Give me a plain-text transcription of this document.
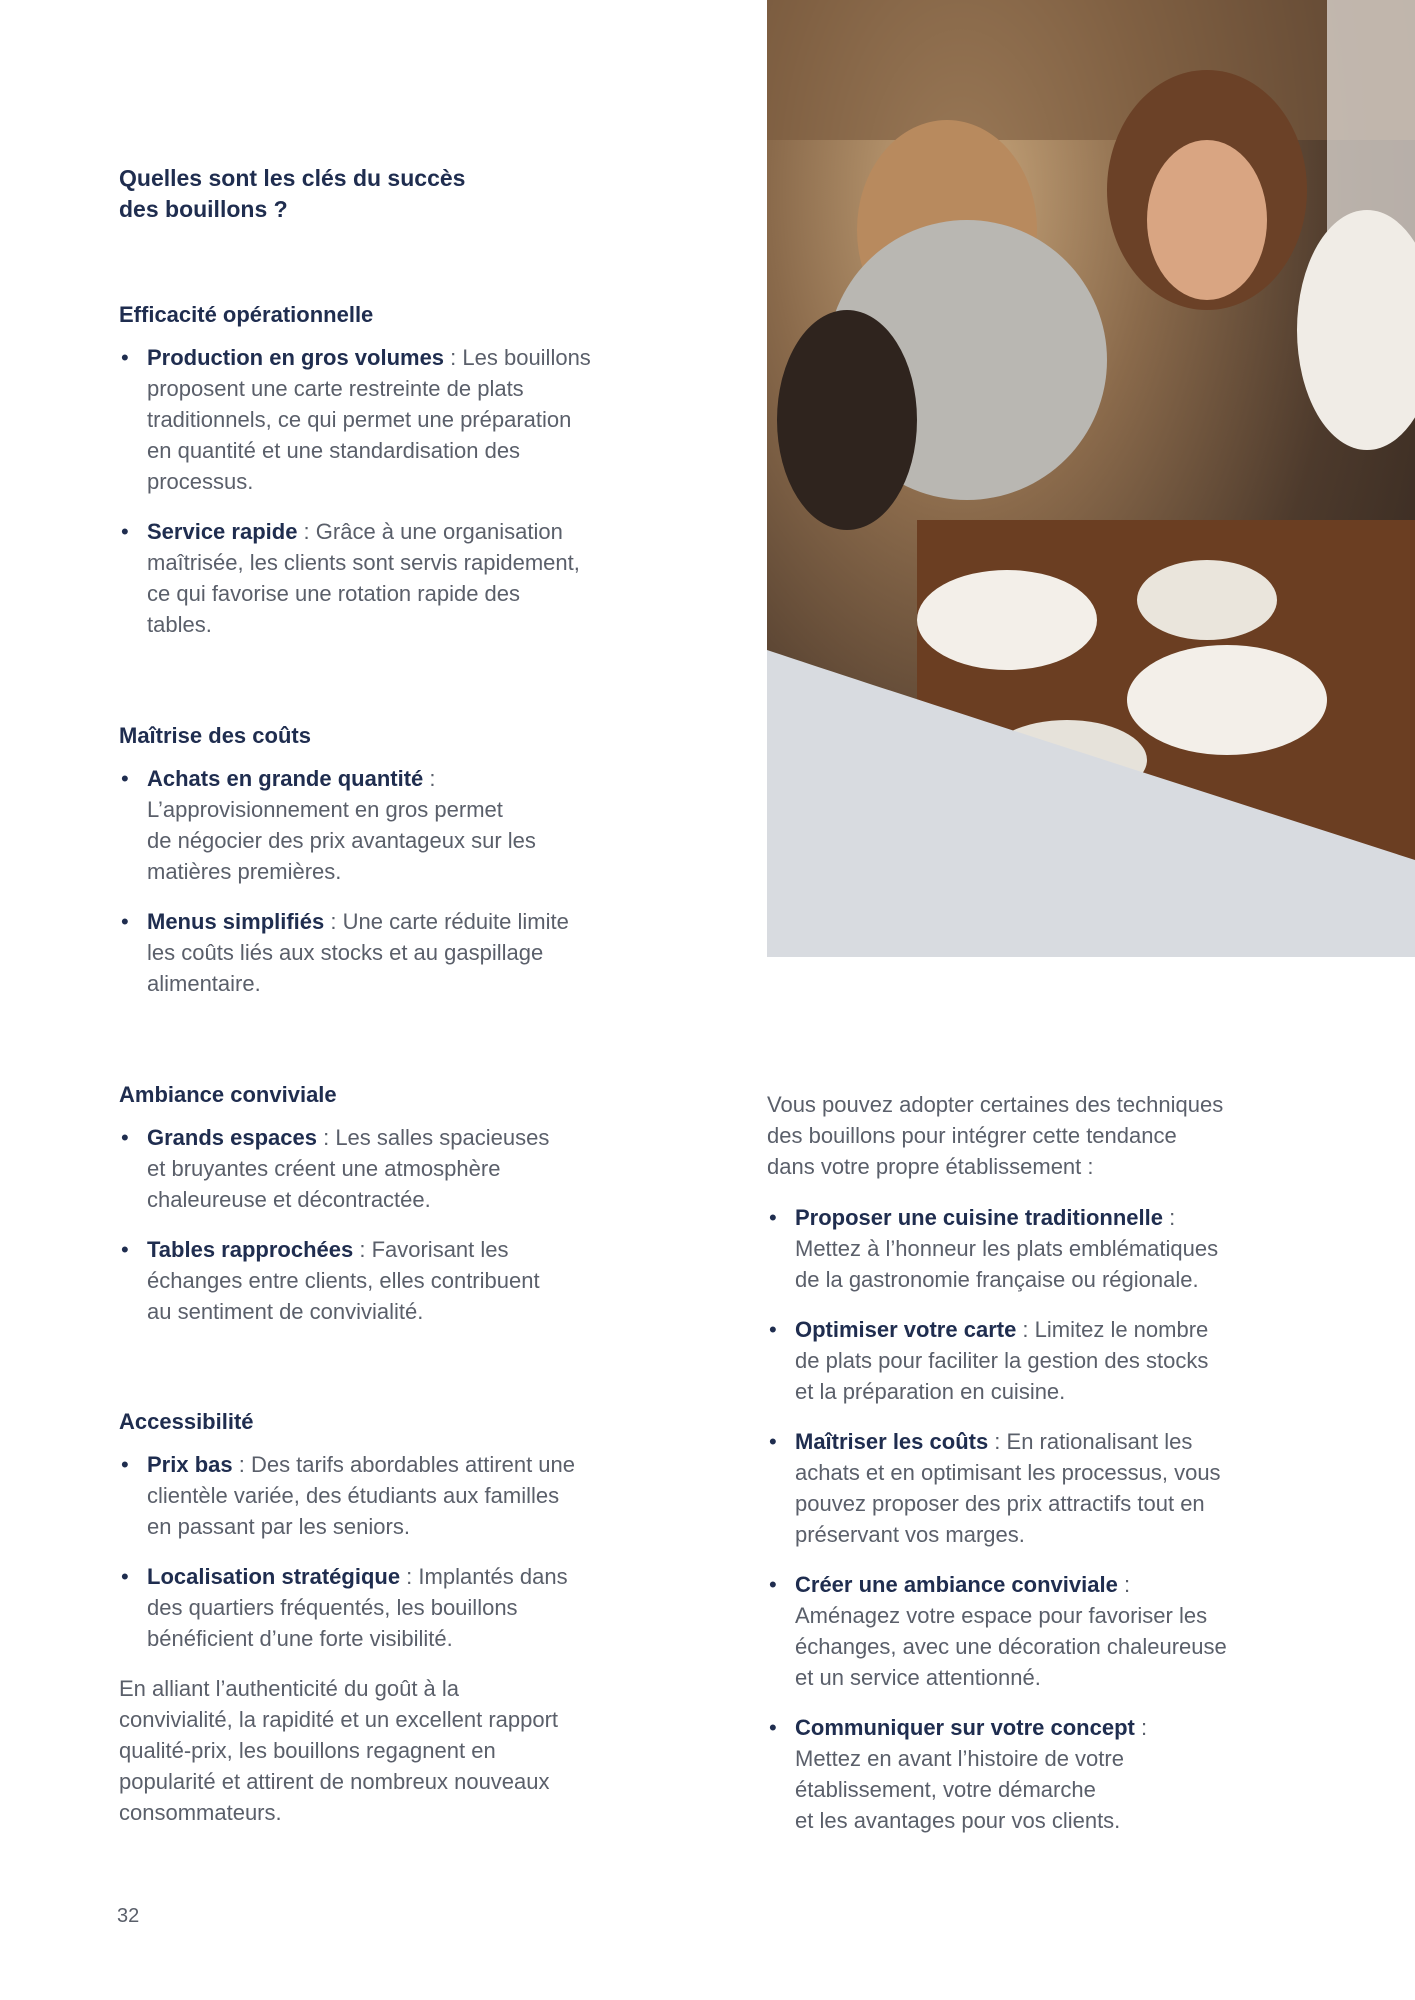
Quelles sont les clés du succès
des bouillons ?
Efficacité opérationnelle
• Production en gros volumes : Les bouillons
proposent une carte restreinte de plats
traditionnels, ce qui permet une préparation
en quantité et une standardisation des
processus.
• Service rapide : Grâce à une organisation
maîtrisée, les clients sont servis rapidement,
ce qui favorise une rotation rapide des
tables.
Maîtrise des coûts
• Achats en grande quantité :
L’approvisionnement en gros permet
de négocier des prix avantageux sur les
matières premières.
• Menus simplifiés : Une carte réduite limite
les coûts liés aux stocks et au gaspillage
alimentaire.
Ambiance conviviale
• Grands espaces : Les salles spacieuses
et bruyantes créent une atmosphère
chaleureuse et décontractée.
• Tables rapprochées : Favorisant les
échanges entre clients, elles contribuent
au sentiment de convivialité.
Accessibilité
• Prix bas : Des tarifs abordables attirent une
clientèle variée, des étudiants aux familles
en passant par les seniors.
• Localisation stratégique : Implantés dans
des quartiers fréquentés, les bouillons
bénéficient d’une forte visibilité.

En alliant l’authenticité du goût à la
convivialité, la rapidité et un excellent rapport
qualité-prix, les bouillons regagnent en
popularité et attirent de nombreux nouveaux
consommateurs.

Vous pouvez adopter certaines des techniques
des bouillons pour intégrer cette tendance
dans votre propre établissement :

• Proposer une cuisine traditionnelle :
Mettez à l’honneur les plats emblématiques
de la gastronomie française ou régionale.
• Optimiser votre carte : Limitez le nombre
de plats pour faciliter la gestion des stocks
et la préparation en cuisine.
• Maîtriser les coûts : En rationalisant les
achats et en optimisant les processus, vous
pouvez proposer des prix attractifs tout en
préservant vos marges.
• Créer une ambiance conviviale :
Aménagez votre espace pour favoriser les
échanges, avec une décoration chaleureuse
et un service attentionné.
• Communiquer sur votre concept :
Mettez en avant l’histoire de votre
établissement, votre démarche
et les avantages pour vos clients.
32
